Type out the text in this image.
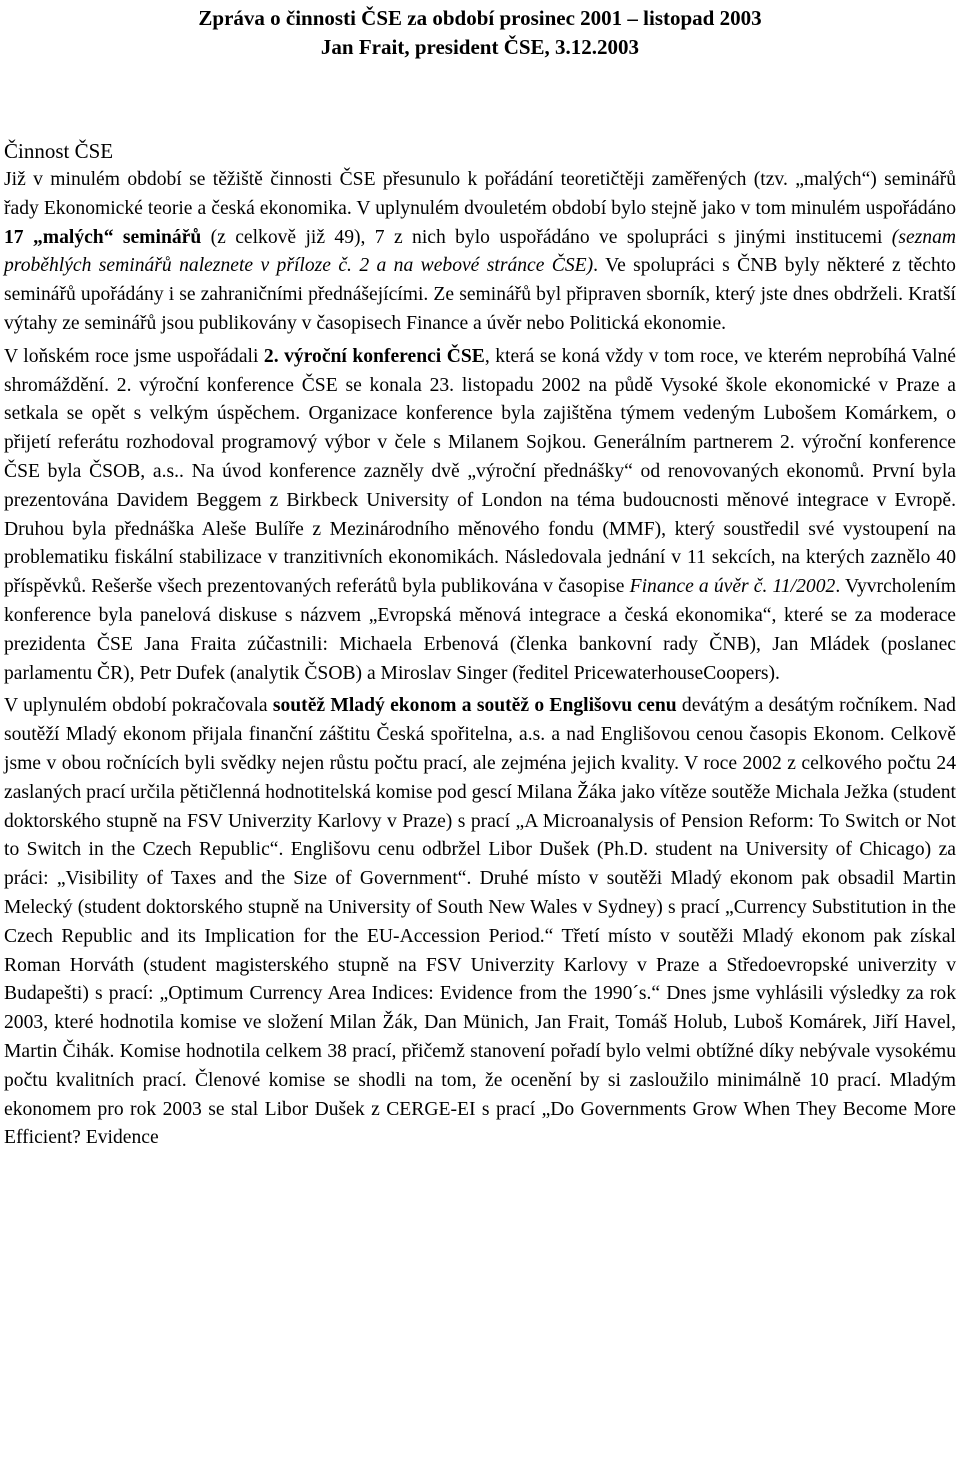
Zpráva o činnosti ČSE za období prosinec 2001 – listopad 2003
Jan Frait, president ČSE, 3.12.2003
Činnost ČSE

Již v minulém období se těžiště činnosti ČSE přesunulo k pořádání teoretičtěji zaměřených (tzv. „malých“) seminářů řady Ekonomické teorie a česká ekonomika. V uplynulém dvouletém období bylo stejně jako v tom minulém uspořádáno 17 „malých“ seminářů (z celkově již 49), 7 z nich bylo uspořádáno ve spolupráci s jinými institucemi (seznam proběhlých seminářů naleznete v příloze č. 2 a na webové stránce ČSE). Ve spolupráci s ČNB byly některé z těchto seminářů upořádány i se zahraničními přednášejícími. Ze seminářů byl připraven sborník, který jste dnes obdrželi. Kratší výtahy ze seminářů jsou publikovány v časopisech Finance a úvěr nebo Politická ekonomie.

V loňském roce jsme uspořádali 2. výroční konferenci ČSE, která se koná vždy v tom roce, ve kterém neprobíhá Valné shromáždění. 2. výroční konference ČSE se konala 23. listopadu 2002 na půdě Vysoké škole ekonomické v Praze a setkala se opět s velkým úspěchem. Organizace konference byla zajištěna týmem vedeným Lubošem Komárkem, o přijetí referátu rozhodoval programový výbor v čele s Milanem Sojkou. Generálním partnerem 2. výroční konference ČSE byla ČSOB, a.s.. Na úvod konference zazněly dvě „výroční přednášky“ od renovovaných ekonomů. První byla prezentována Davidem Beggem z Birkbeck University of London na téma budoucnosti měnové integrace v Evropě. Druhou byla přednáška Aleše Bulíře z Mezinárodního měnového fondu (MMF), který soustředil své vystoupení na problematiku fiskální stabilizace v tranzitivních ekonomikách. Následovala jednání v 11 sekcích, na kterých zaznělo 40 příspěvků. Rešerše všech prezentovaných referátů byla publikována v časopise Finance a úvěr č. 11/2002. Vyvrcholením konference byla panelová diskuse s názvem „Evropská měnová integrace a česká ekonomika“, které se za moderace prezidenta ČSE Jana Fraita zúčastnili: Michaela Erbenová (členka bankovní rady ČNB), Jan Mládek (poslanec parlamentu ČR), Petr Dufek (analytik ČSOB) a Miroslav Singer (ředitel PricewaterhouseCoopers).

V uplynulém období pokračovala soutěž Mladý ekonom a soutěž o Englišovu cenu devátým a desátým ročníkem. Nad soutěží Mladý ekonom přijala finanční záštitu Česká spořitelna, a.s. a nad Englišovou cenou časopis Ekonom. Celkově jsme v obou ročnících byli svědky nejen růstu počtu prací, ale zejména jejich kvality. V roce 2002 z celkového počtu 24 zaslaných prací určila pětičlenná hodnotitelská komise pod gescí Milana Žáka jako vítěze soutěže Michala Ježka (student doktorského stupně na FSV Univerzity Karlovy v Praze) s prací „A Microanalysis of Pension Reform: To Switch or Not to Switch in the Czech Republic“. Englišovu cenu odbržel Libor Dušek (Ph.D. student na University of Chicago) za práci: „Visibility of Taxes and the Size of Government“. Druhé místo v soutěži Mladý ekonom pak obsadil Martin Melecký (student doktorského stupně na University of South New Wales v Sydney) s prací „Currency Substitution in the Czech Republic and its Implication for the EU-Accession Period.“ Třetí místo v soutěži Mladý ekonom pak získal Roman Horváth (student magisterského stupně na FSV Univerzity Karlovy v Praze a Středoevropské univerzity v Budapešti) s prací: „Optimum Currency Area Indices: Evidence from the 1990´s.“ Dnes jsme vyhlásili výsledky za rok 2003, které hodnotila komise ve složení Milan Žák, Dan Münich, Jan Frait, Tomáš Holub, Luboš Komárek, Jiří Havel, Martin Čihák. Komise hodnotila celkem 38 prací, přičemž stanovení pořadí bylo velmi obtížné díky nebývale vysokému počtu kvalitních prací. Členové komise se shodli na tom, že ocenění by si zasloužilo minimálně 10 prací. Mladým ekonomem pro rok 2003 se stal Libor Dušek z CERGE-EI s prací „Do Governments Grow When They Become More Efficient? Evidence
